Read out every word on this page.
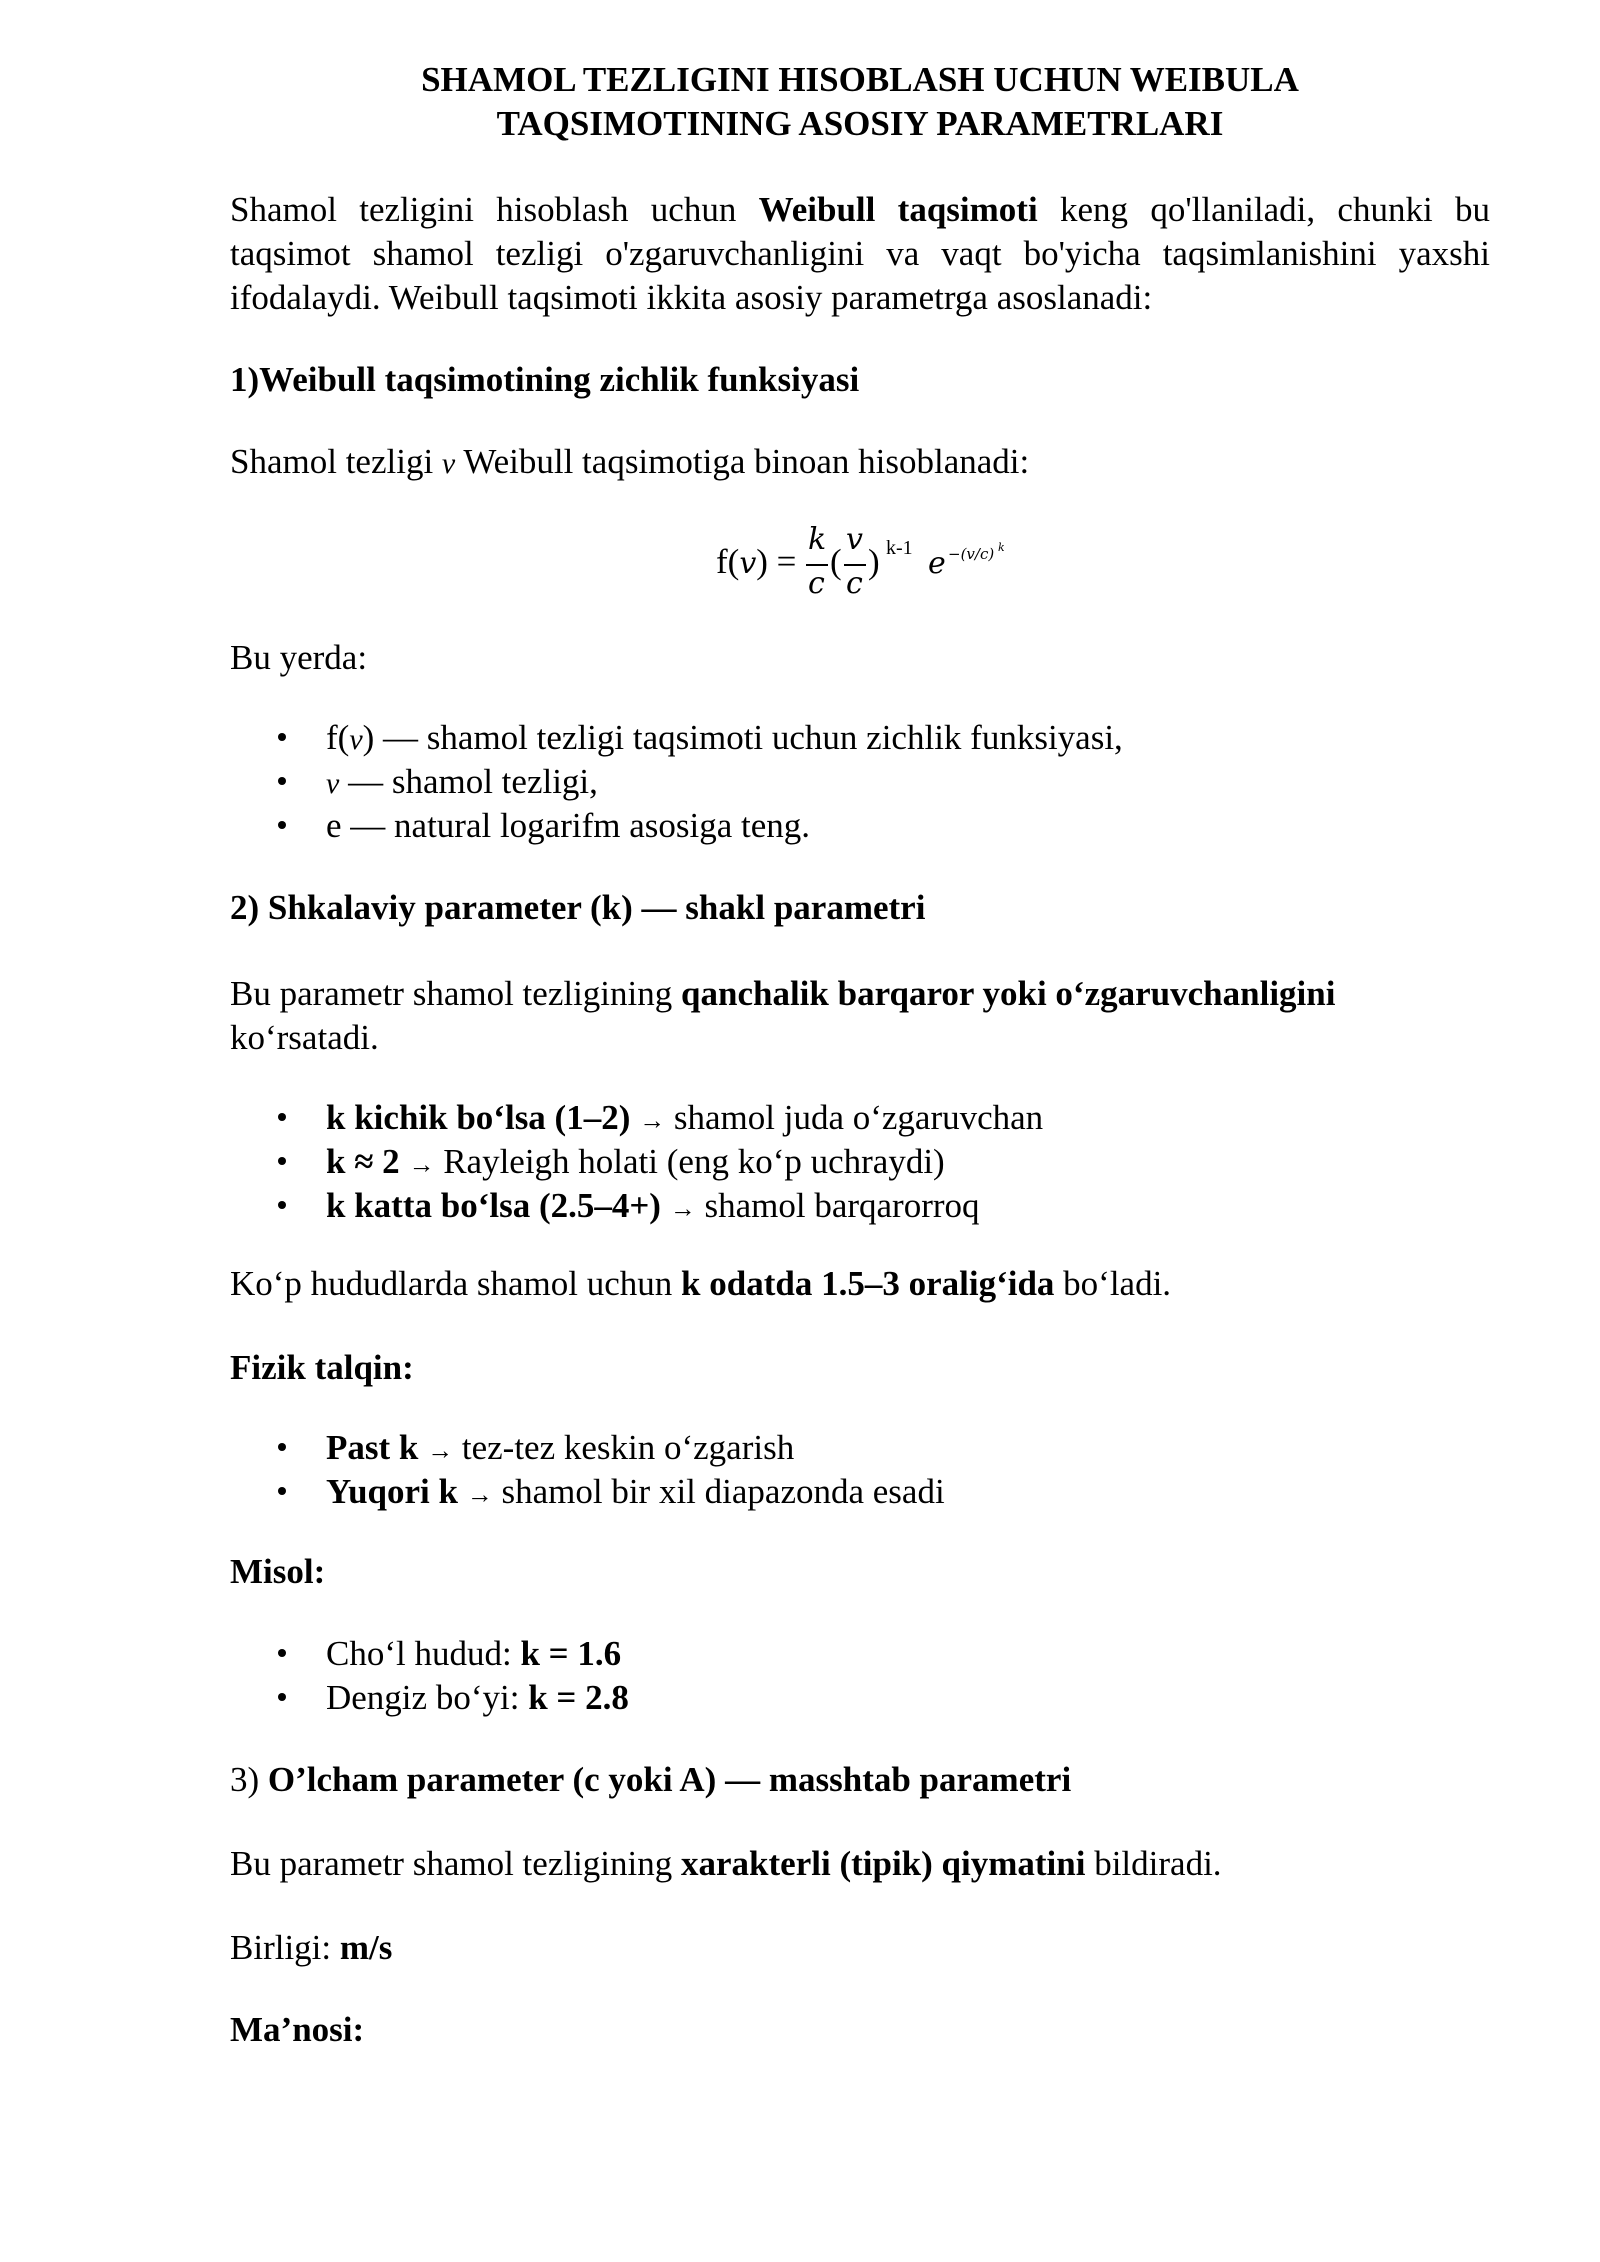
SHAMOL TEZLIGINI HISOBLASH UCHUN WEIBULA
TAQSIMOTINING ASOSIY PARAMETRLARI
Shamol tezligini hisoblash uchun Weibull taqsimoti keng qo'llaniladi, chunki bu taqsimot shamol tezligi o'zgaruvchanligini va vaqt bo'yicha taqsimlanishini yaxshi ifodalaydi. Weibull taqsimoti ikkita asosiy parametrga asoslanadi:
1)Weibull taqsimotining zichlik funksiyasi
Shamol tezligi v Weibull taqsimotiga binoan hisoblanadi:
f(v) =
k
c
(
v
c
) k-1 e −(v/c) k
Bu yerda:
f(v) — shamol tezligi taqsimoti uchun zichlik funksiyasi,
v — shamol tezligi,
e — natural logarifm asosiga teng.
2) Shkalaviy parameter (k) — shakl parametri
Bu parametr shamol tezligining qanchalik barqaror yoki o‘zgaruvchanligini
ko‘rsatadi.
k kichik bo‘lsa (1–2) → shamol juda o‘zgaruvchan
k ≈ 2 → Rayleigh holati (eng ko‘p uchraydi)
k katta bo‘lsa (2.5–4+) → shamol barqarorroq
Ko‘p hududlarda shamol uchun k odatda 1.5–3 oralig‘ida bo‘ladi.
Fizik talqin:
Past k → tez-tez keskin o‘zgarish
Yuqori k → shamol bir xil diapazonda esadi
Misol:
Cho‘l hudud: k = 1.6
Dengiz bo‘yi: k = 2.8
3) O’lcham parameter (c yoki A) — masshtab parametri
Bu parametr shamol tezligining xarakterli (tipik) qiymatini bildiradi.
Birligi: m/s
Ma’nosi:
